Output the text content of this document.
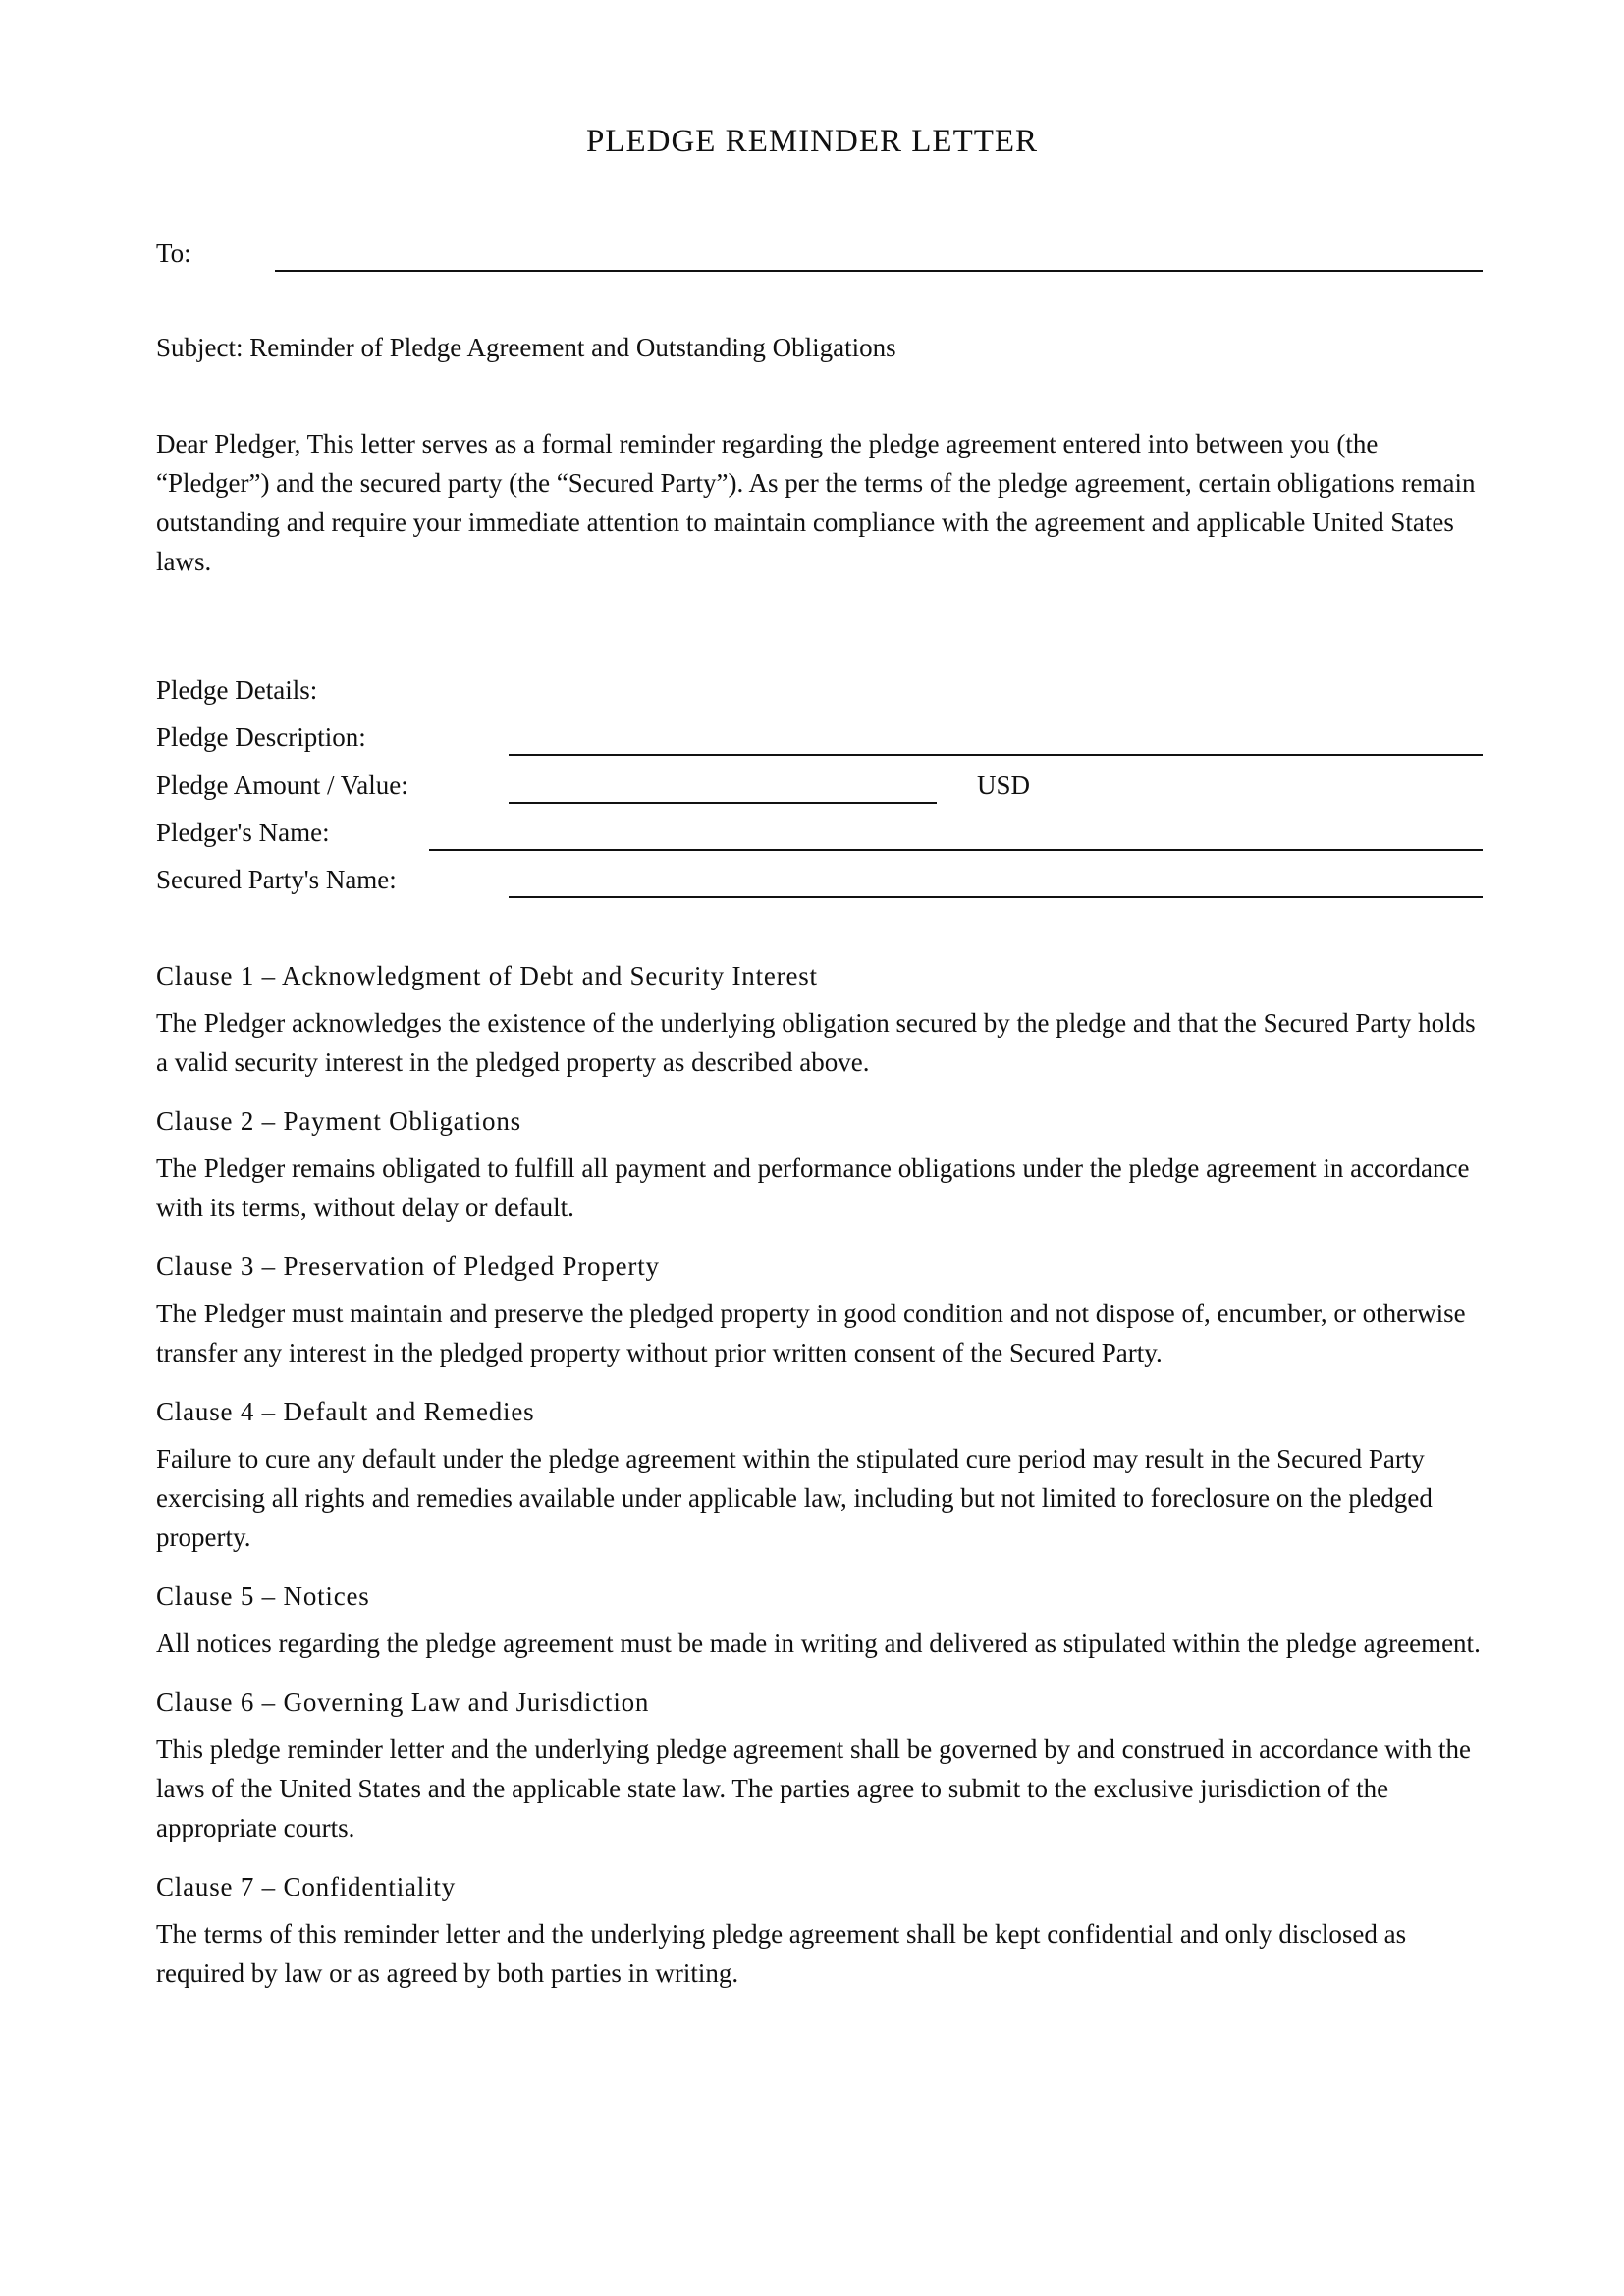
PLEDGE REMINDER LETTER
To:
Subject: Reminder of Pledge Agreement and Outstanding Obligations
Dear Pledger, This letter serves as a formal reminder regarding the pledge agreement entered into between you (the “Pledger”) and the secured party (the “Secured Party”). As per the terms of the pledge agreement, certain obligations remain outstanding and require your immediate attention to maintain compliance with the agreement and applicable United States laws.
Pledge Details:
Pledge Description:
Pledge Amount / Value:	USD
Pledger's Name:
Secured Party's Name:
Clause 1 – Acknowledgment of Debt and Security Interest
The Pledger acknowledges the existence of the underlying obligation secured by the pledge and that the Secured Party holds a valid security interest in the pledged property as described above.
Clause 2 – Payment Obligations
The Pledger remains obligated to fulfill all payment and performance obligations under the pledge agreement in accordance with its terms, without delay or default.
Clause 3 – Preservation of Pledged Property
The Pledger must maintain and preserve the pledged property in good condition and not dispose of, encumber, or otherwise transfer any interest in the pledged property without prior written consent of the Secured Party.
Clause 4 – Default and Remedies
Failure to cure any default under the pledge agreement within the stipulated cure period may result in the Secured Party exercising all rights and remedies available under applicable law, including but not limited to foreclosure on the pledged property.
Clause 5 – Notices
All notices regarding the pledge agreement must be made in writing and delivered as stipulated within the pledge agreement.
Clause 6 – Governing Law and Jurisdiction
This pledge reminder letter and the underlying pledge agreement shall be governed by and construed in accordance with the laws of the United States and the applicable state law. The parties agree to submit to the exclusive jurisdiction of the appropriate courts.
Clause 7 – Confidentiality
The terms of this reminder letter and the underlying pledge agreement shall be kept confidential and only disclosed as required by law or as agreed by both parties in writing.
